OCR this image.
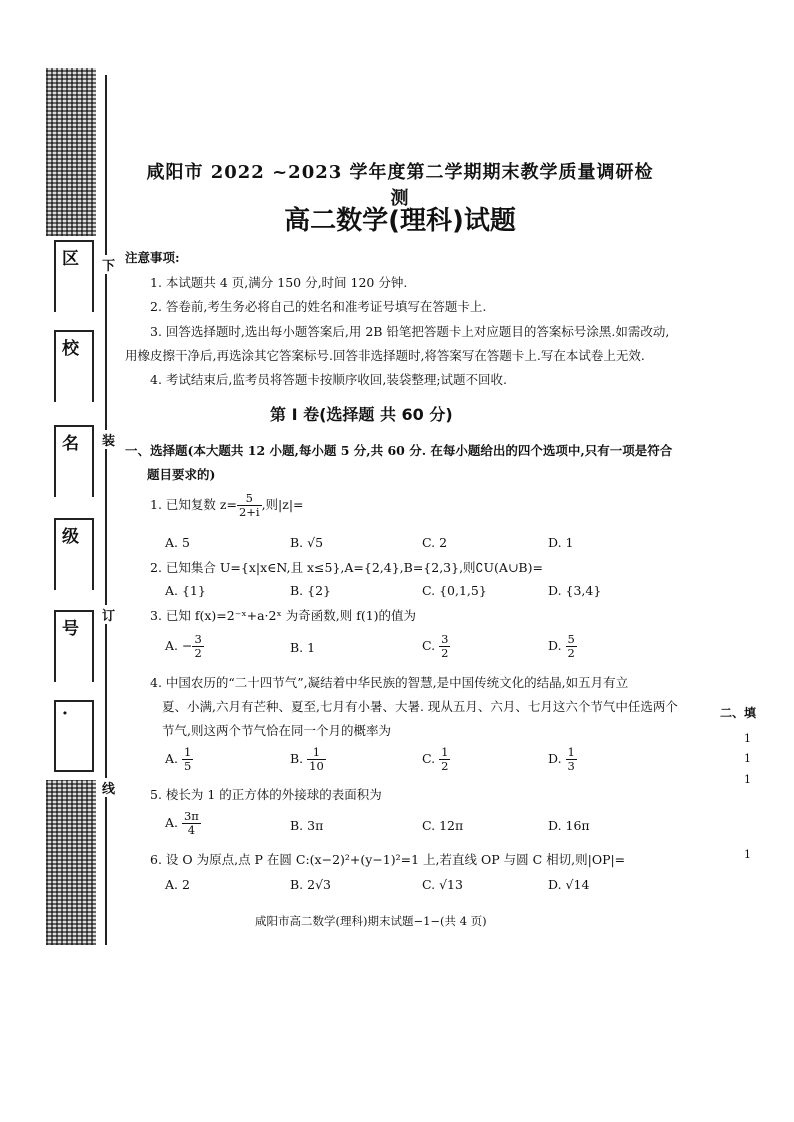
区
校
名
级
号
·
下
装
订
线
咸阳市 2022 ~2023 学年度第二学期期末教学质量调研检测
高二数学(理科)试题
注意事项:
1. 本试题共 4 页,满分 150 分,时间 120 分钟.
2. 答卷前,考生务必将自己的姓名和准考证号填写在答题卡上.
3. 回答选择题时,选出每小题答案后,用 2B 铅笔把答题卡上对应题目的答案标号涂黑.如需改动,
用橡皮擦干净后,再选涂其它答案标号.回答非选择题时,将答案写在答题卡上.写在本试卷上无效.
4. 考试结束后,监考员将答题卡按顺序收回,装袋整理;试题不回收.
第 Ⅰ 卷(选择题 共 60 分)
一、选择题(本大题共 12 小题,每小题 5 分,共 60 分. 在每小题给出的四个选项中,只有一项是符合
题目要求的)
1. 已知复数 $z= \frac{5}{2+i}$ ,则|z|=
A. 5	B. √5	C. 2	D. 1
2. 已知集合 U={x|x∈N,且 x≤5},A={2,4},B={2,3},则∁U(A∪B)=
A. {1}	B. {2}	C. {0,1,5}	D. {3,4}
3. 已知 f(x)=2⁻ˣ+a·2ˣ 为奇函数,则 f(1)的值为
A. − $\frac{3}{2}$	B. 1	C. $\frac{3}{2}$	D. $\frac{5}{2}$
4. 中国农历的“二十四节气”,凝结着中华民族的智慧,是中国传统文化的结晶,如五月有立
夏、小满,六月有芒种、夏至,七月有小暑、大暑. 现从五月、六月、七月这六个节气中任选两个
节气,则这两个节气恰在同一个月的概率为
A. $\frac{1}{5}$	B. $\frac{1}{10}$	C. $\frac{1}{2}$	D. $\frac{1}{3}$
5. 棱长为 1 的正方体的外接球的表面积为
A. $\frac{3\pi}{4}$	B. 3π	C. 12π	D. 16π
6. 设 O 为原点,点 P 在圆 C:(x−2)²+(y−1)²=1 上,若直线 OP 与圆 C 相切,则|OP|=
A. 2	B. 2√3	C. √13	D. √14
咸阳市高二数学(理科)期末试题−1−(共 4 页)
二、填
1
1
1
1
